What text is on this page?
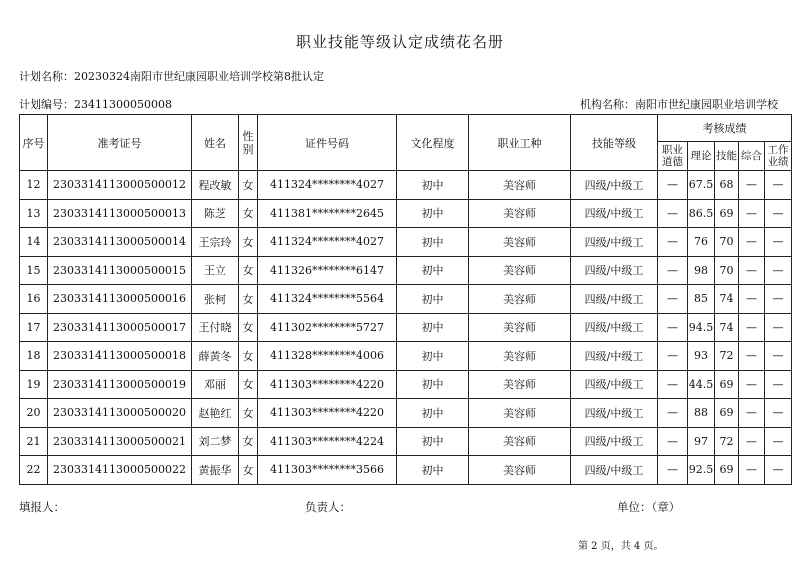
职业技能等级认定成绩花名册
计划名称：20230324南阳市世纪康园职业培训学校第8批认定
计划编号：23411300050008	机构名称：南阳市世纪康园职业培训学校
序号	准考证号	姓名	性别	证件号码	文化程度	职业工种	技能等级	考核成绩				
								职业道德	理论	技能	综合	工作业绩
12	2303314113000500012	程改敏	女	411324********4027	初中	美容师	四级/中级工	—	67.5	68	—	—
13	2303314113000500013	陈芝	女	411381********2645	初中	美容师	四级/中级工	—	86.5	69	—	—
14	2303314113000500014	王宗玲	女	411324********4027	初中	美容师	四级/中级工	—	76	70	—	—
15	2303314113000500015	王立	女	411326********6147	初中	美容师	四级/中级工	—	98	70	—	—
16	2303314113000500016	张柯	女	411324********5564	初中	美容师	四级/中级工	—	85	74	—	—
17	2303314113000500017	王付晓	女	411302********5727	初中	美容师	四级/中级工	—	94.5	74	—	—
18	2303314113000500018	薛黄冬	女	411328********4006	初中	美容师	四级/中级工	—	93	72	—	—
19	2303314113000500019	邓丽	女	411303********4220	初中	美容师	四级/中级工	—	44.5	69	—	—
20	2303314113000500020	赵艳红	女	411303********4220	初中	美容师	四级/中级工	—	88	69	—	—
21	2303314113000500021	刘二梦	女	411303********4224	初中	美容师	四级/中级工	—	97	72	—	—
22	2303314113000500022	黄振华	女	411303********3566	初中	美容师	四级/中级工	—	92.5	69	—	—
填报人：	负责人：	单位：（章）
第 2 页，共 4 页。
